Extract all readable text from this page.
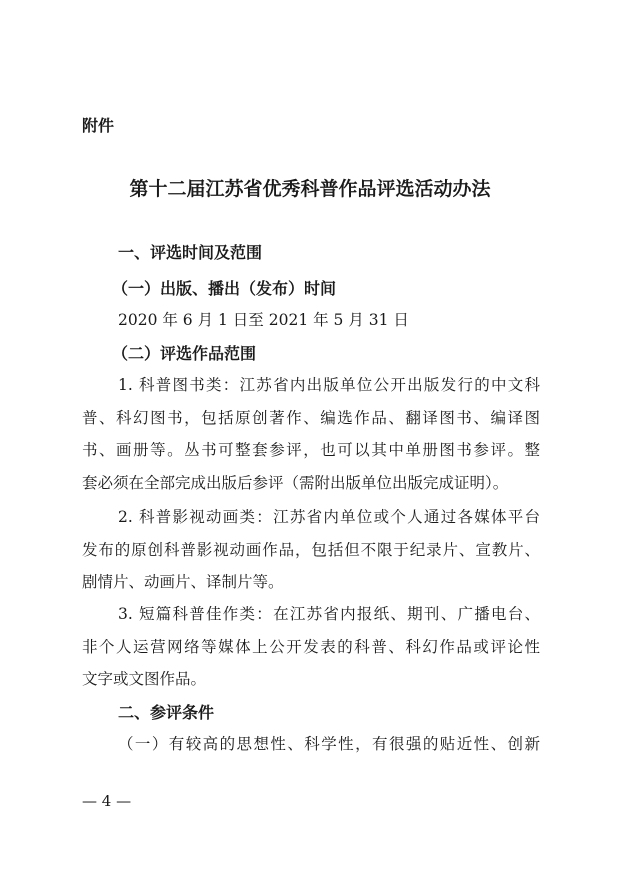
附件
第十二届江苏省优秀科普作品评选活动办法
一、评选时间及范围
（一）出版、播出（发布）时间
2020 年 6 月 1 日至 2021 年 5 月 31 日
（二）评选作品范围
1. 科普图书类：江苏省内出版单位公开出版发行的中文科
普、科幻图书，包括原创著作、编选作品、翻译图书、编译图
书、画册等。丛书可整套参评，也可以其中单册图书参评。整
套必须在全部完成出版后参评（需附出版单位出版完成证明）。
2. 科普影视动画类：江苏省内单位或个人通过各媒体平台
发布的原创科普影视动画作品，包括但不限于纪录片、宣教片、
剧情片、动画片、译制片等。
3. 短篇科普佳作类：在江苏省内报纸、期刊、广播电台、
非个人运营网络等媒体上公开发表的科普、科幻作品或评论性
文字或文图作品。
二、参评条件
（一）有较高的思想性、科学性，有很强的贴近性、创新
— 4 —
